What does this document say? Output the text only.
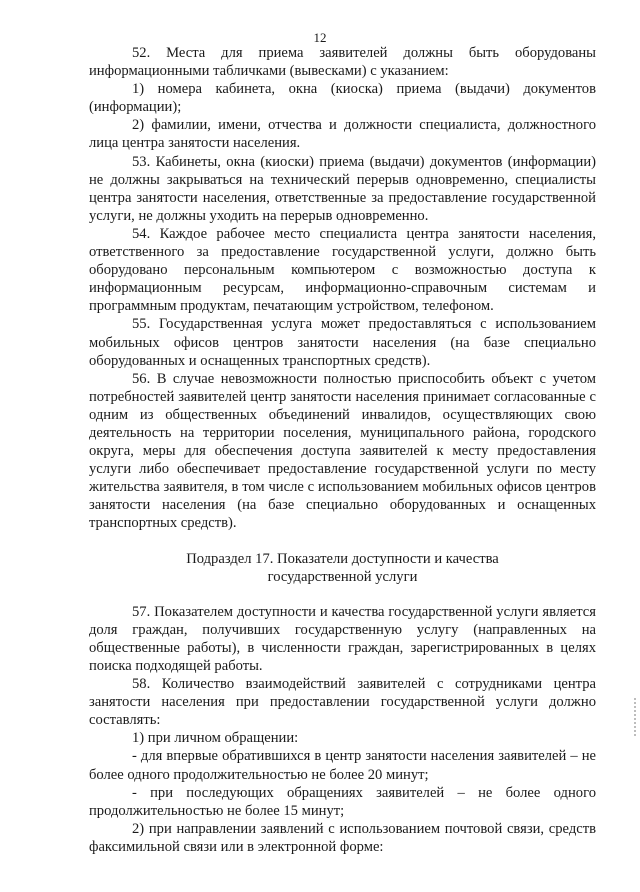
12

52. Места для приема заявителей должны быть оборудованы информационными табличками (вывесками) с указанием:

1) номера кабинета, окна (киоска) приема (выдачи) документов (информации);

2) фамилии, имени, отчества и должности специалиста, должностного лица центра занятости населения.

53. Кабинеты, окна (киоски) приема (выдачи) документов (информации) не должны закрываться на технический перерыв одновременно, специалисты центра занятости населения, ответственные за предоставление государственной услуги, не должны уходить на перерыв одновременно.

54. Каждое рабочее место специалиста центра занятости населения, ответственного за предоставление государственной услуги, должно быть оборудовано персональным компьютером с возможностью доступа к информационным ресурсам, информационно-справочным системам и программным продуктам, печатающим устройством, телефоном.

55. Государственная услуга может предоставляться с использованием мобильных офисов центров занятости населения (на базе специально оборудованных и оснащенных транспортных средств).

56. В случае невозможности полностью приспособить объект с учетом потребностей заявителей центр занятости населения принимает согласованные с одним из общественных объединений инвалидов, осуществляющих свою деятельность на территории поселения, муниципального района, городского округа, меры для обеспечения доступа заявителей к месту предоставления услуги либо обеспечивает предоставление государственной услуги по месту жительства заявителя, в том числе с использованием мобильных офисов центров занятости населения (на базе специально оборудованных и оснащенных транспортных средств).

Подраздел 17. Показатели доступности и качества
государственной услуги

57. Показателем доступности и качества государственной услуги является доля граждан, получивших государственную услугу (направленных на общественные работы), в численности граждан, зарегистрированных в целях поиска подходящей работы.

58. Количество взаимодействий заявителей с сотрудниками центра занятости населения при предоставлении государственной услуги должно составлять:

1) при личном обращении:

- для впервые обратившихся в центр занятости населения заявителей – не более одного продолжительностью не более 20 минут;

- при последующих обращениях заявителей – не более одного продолжительностью не более 15 минут;

2) при направлении заявлений с использованием почтовой связи, средств факсимильной связи или в электронной форме:
